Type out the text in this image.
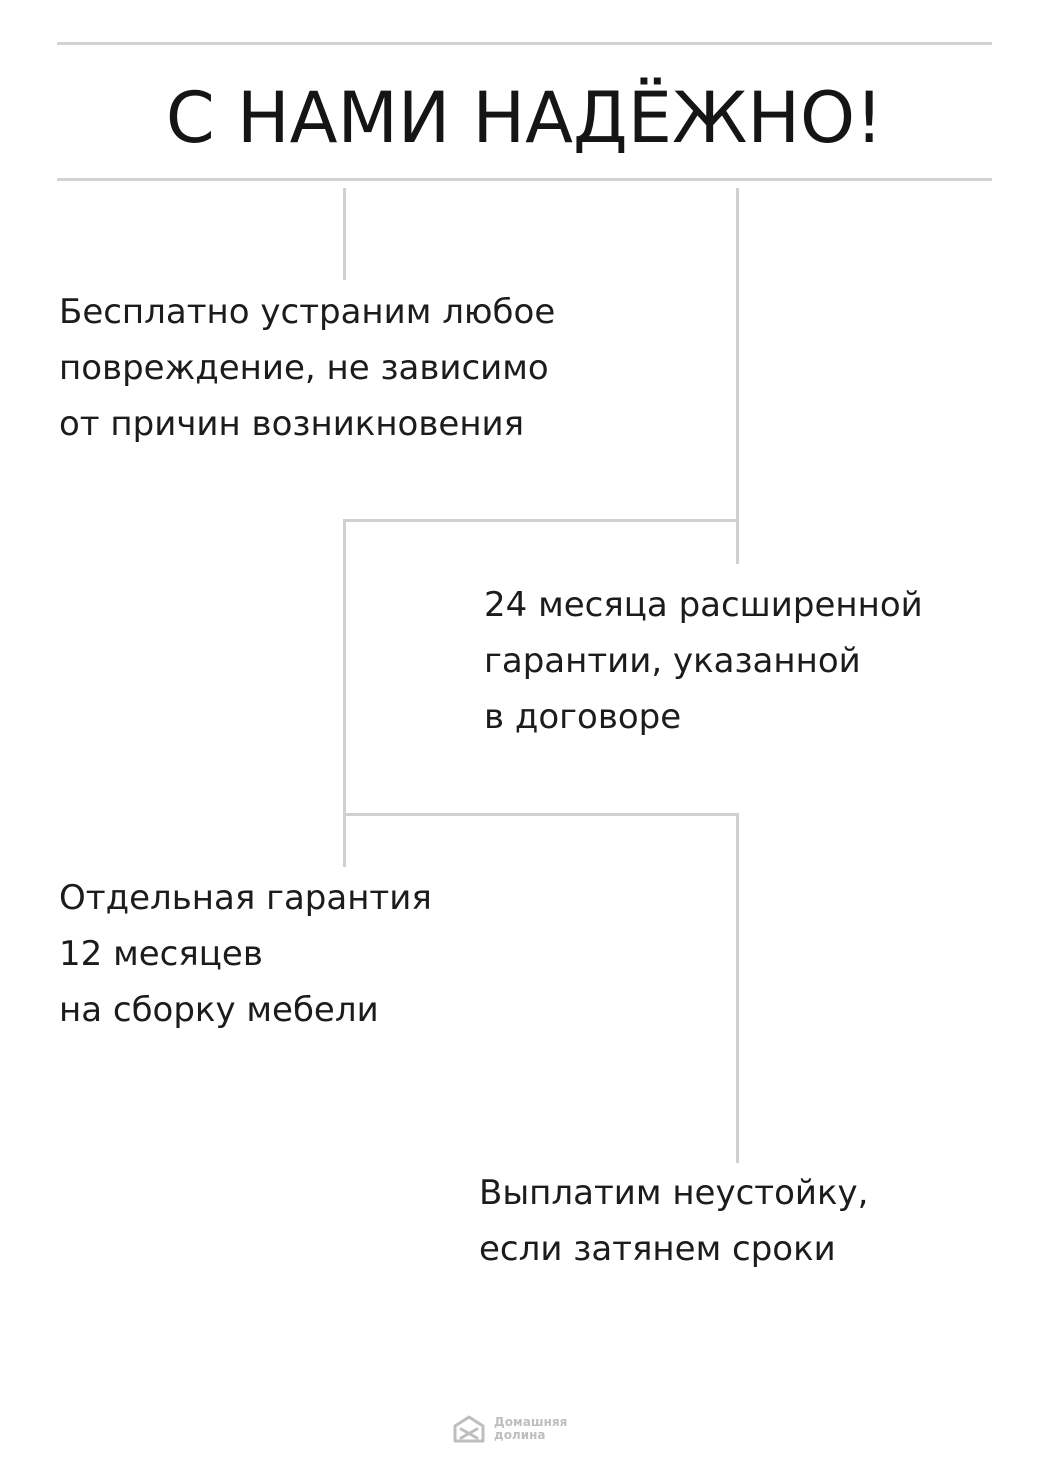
С НАМИ НАДЁЖНО!
Бесплатно устраним любое
повреждение, не зависимо
от причин возникновения
24 месяца расширенной
гарантии, указанной
в договоре
Отдельная гарантия
12 месяцев
на сборку мебели
Выплатим неустойку,
если затянем сроки
Домашняя
долина
